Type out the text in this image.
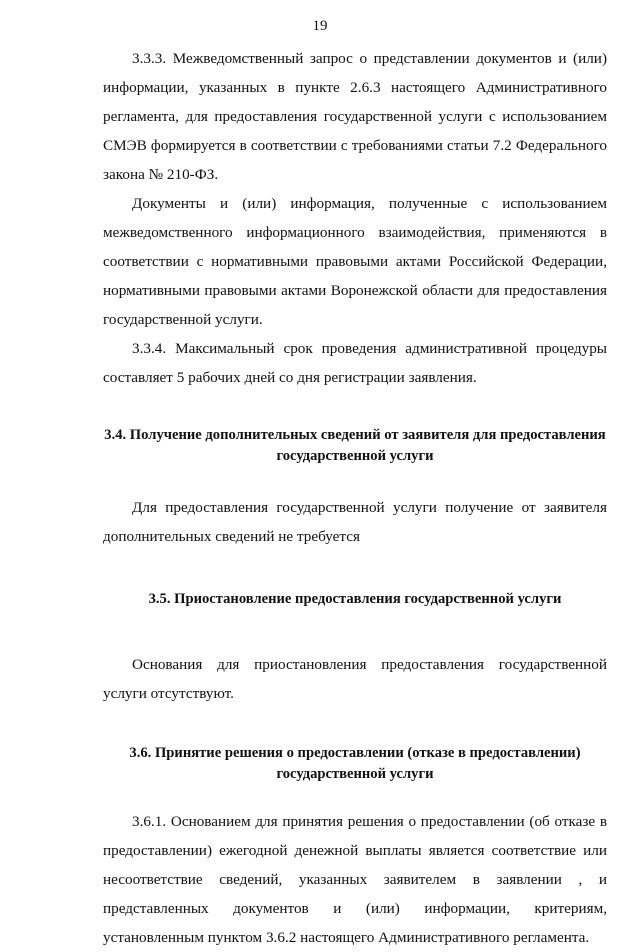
19

3.3.3. Межведомственный запрос о представлении документов и (или) информации, указанных в пункте 2.6.3 настоящего Административного регламента, для предоставления государственной услуги с использованием СМЭВ формируется в соответствии с требованиями статьи 7.2 Федерального закона № 210-ФЗ.

Документы и (или) информация, полученные с использованием межведомственного информационного взаимодействия, применяются в соответствии с нормативными правовыми актами Российской Федерации, нормативными правовыми актами Воронежской области для предоставления государственной услуги.

3.3.4. Максимальный срок проведения административной процедуры составляет 5 рабочих дней со дня регистрации заявления.

3.4. Получение дополнительных сведений от заявителя для предоставления государственной услуги

Для предоставления государственной услуги получение от заявителя дополнительных сведений не требуется

3.5. Приостановление предоставления государственной услуги

Основания для приостановления предоставления государственной услуги отсутствуют.

3.6. Принятие решения о предоставлении (отказе в предоставлении) государственной услуги

3.6.1. Основанием для принятия решения о предоставлении (об отказе в предоставлении) ежегодной денежной выплаты является соответствие или несоответствие сведений, указанных заявителем в заявлении , и представленных документов и (или) информации, критериям, установленным пунктом 3.6.2 настоящего Административного регламента.
